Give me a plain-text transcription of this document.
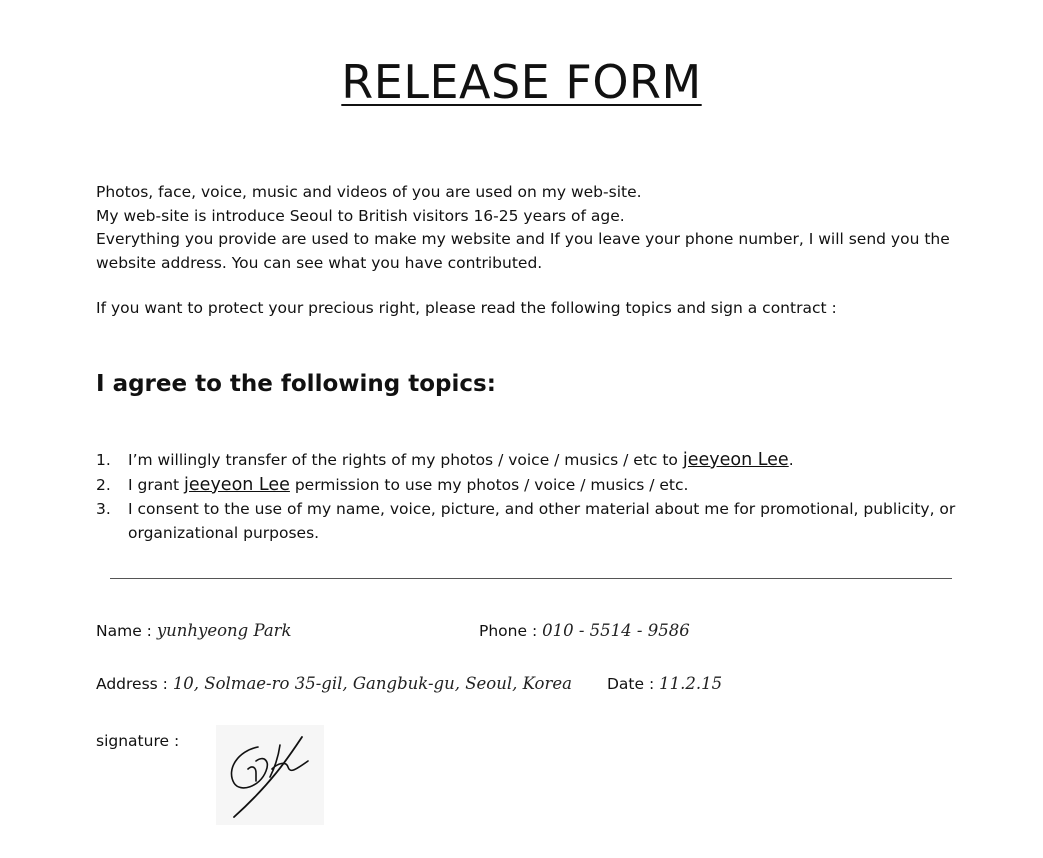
RELEASE FORM

Photos, face, voice, music and videos of you are used on my web-site.

My web-site is introduce Seoul to British visitors 16-25 years of age.

Everything you provide are used to make my website and If you leave your phone number, I will send you the website address. You can see what you have contributed.

If you want to protect your precious right, please read the following topics and sign a contract :

I agree to the following topics:
1.	I’m willingly transfer of the rights of my photos / voice / musics / etc to jeeyeon Lee.
2.	I grant jeeyeon Lee permission to use my photos / voice / musics / etc.
3.	I consent to the use of my name, voice, picture, and other material about me for promotional, publicity, or organizational purposes.
Name : yunhyeong Park	Phone : 010 - 5514 - 9586
Address : 10, Solmae-ro 35-gil, Gangbuk-gu, Seoul, Korea Date : 11.2.15
signature :
